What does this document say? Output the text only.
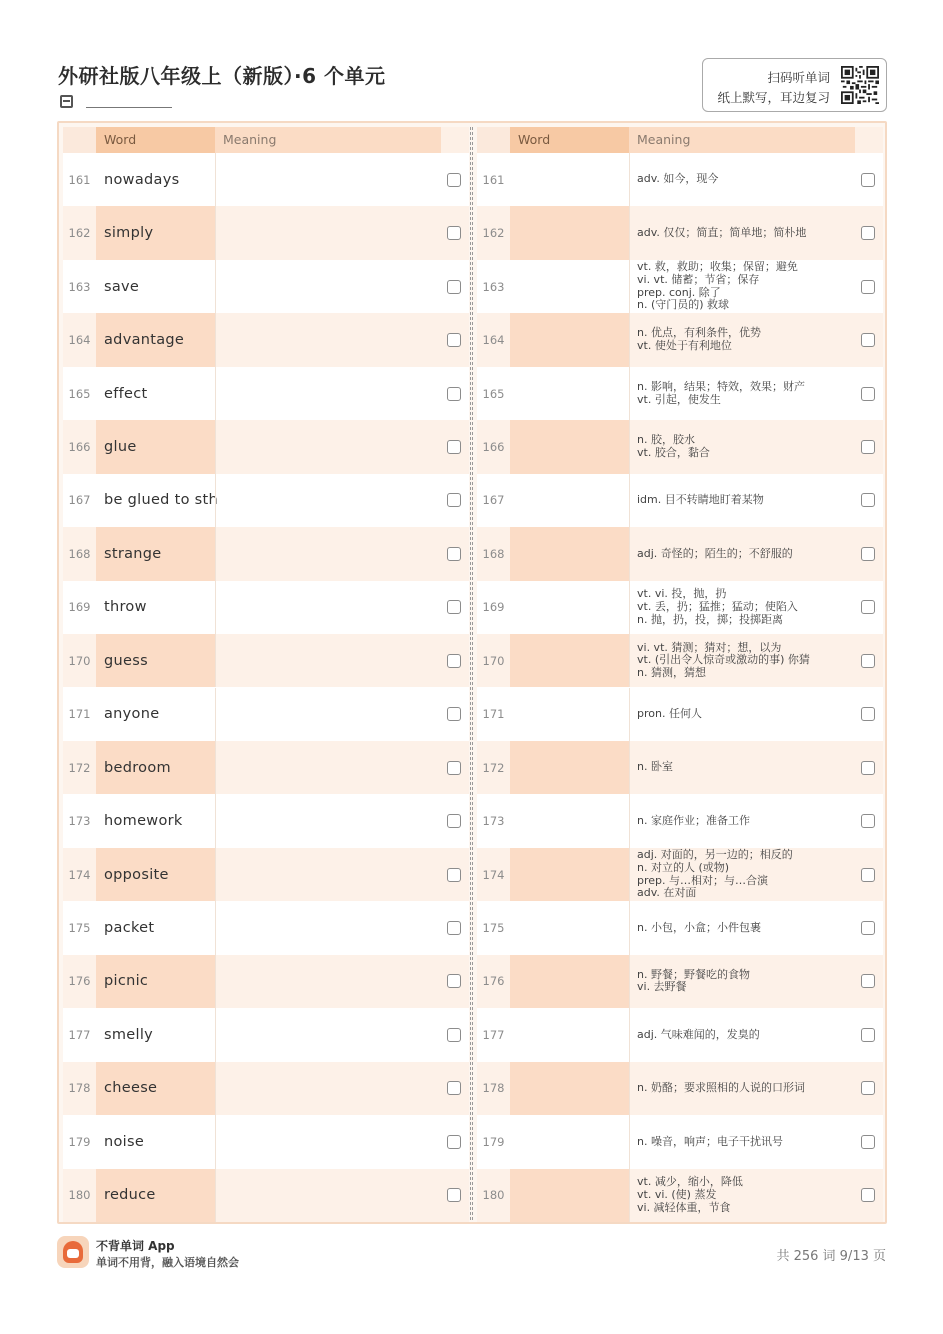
外研社版八年级上（新版）·6 个单元	扫码听单词
纸上默写，耳边复习
Word	Meaning
161 nowadays
162 simply
163 save
164 advantage
165 effect
166 glue
167 be glued to sth
168 strange
169 throw
170 guess
171 anyone
172 bedroom
173 homework
174 opposite
175 packet
176 picnic
177 smelly
178 cheese
179 noise
180 reduce
Word	Meaning
161	adv. 如今，现今
162	adv. 仅仅；简直；简单地；简朴地
163
vt. 救，救助；收集；保留；避免
vi. vt. 储蓄；节省；保存
prep. conj. 除了
n. (守门员的) 救球
164
n. 优点，有利条件，优势
vt. 使处于有利地位
165
n. 影响，结果；特效，效果；财产
vt. 引起，使发生
166
n. 胶，胶水
vt. 胶合，黏合
167	idm. 目不转睛地盯着某物
168	adj. 奇怪的；陌生的；不舒服的
169
vt. vi. 投，抛，扔
vt. 丢，扔；猛推；猛动；使陷入
n. 抛，扔，投，掷；投掷距离
170
vi. vt. 猜测；猜对；想，以为
vt. (引出令人惊奇或激动的事) 你猜
n. 猜测，猜想
171	pron. 任何人
172	n. 卧室
173	n. 家庭作业；准备工作
174
adj. 对面的，另一边的；相反的
n. 对立的人 (或物)
prep. 与…相对；与…合演
adv. 在对面
175	n. 小包，小盒；小件包裹
176
n. 野餐；野餐吃的食物
vi. 去野餐
177	adj. 气味难闻的，发臭的
178	n. 奶酪；要求照相的人说的口形词
179	n. 噪音，响声；电子干扰讯号
180
vt. 减少，缩小，降低
vt. vi. (使) 蒸发
vi. 减轻体重，节食
不背单词 App
单词不用背，融入语境自然会	共 256 词 9/13 页
